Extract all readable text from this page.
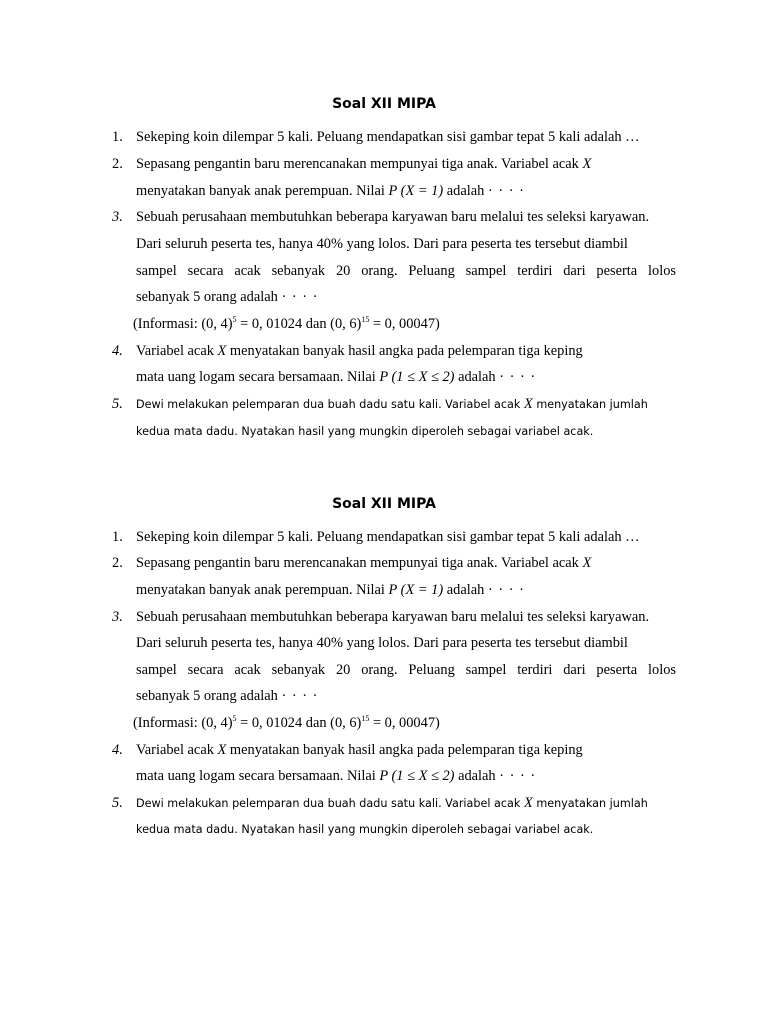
Soal XII MIPA
1. Sekeping koin dilempar 5 kali. Peluang mendapatkan sisi gambar tepat 5 kali adalah …
2. Sepasang pengantin baru merencanakan mempunyai tiga anak. Variabel acak X
menyatakan banyak anak perempuan. Nilai P (X = 1) adalah · · · ·
3. Sebuah perusahaan membutuhkan beberapa karyawan baru melalui tes seleksi karyawan.
Dari seluruh peserta tes, hanya 40% yang lolos. Dari para peserta tes tersebut diambil
sampel secara acak sebanyak 20 orang. Peluang sampel terdiri dari peserta lolos
sebanyak 5 orang adalah · · · ·
(Informasi: (0, 4)$^5$ = 0, 01024 dan (0, 6)$^{15}$ = 0, 00047)
4. Variabel acak X menyatakan banyak hasil angka pada pelemparan tiga keping
mata uang logam secara bersamaan. Nilai P (1 ≤ X ≤ 2) adalah · · · ·
5. Dewi melakukan pelemparan dua buah dadu satu kali. Variabel acak X menyatakan jumlah
kedua mata dadu. Nyatakan hasil yang mungkin diperoleh sebagai variabel acak.
Soal XII MIPA
1. Sekeping koin dilempar 5 kali. Peluang mendapatkan sisi gambar tepat 5 kali adalah …
2. Sepasang pengantin baru merencanakan mempunyai tiga anak. Variabel acak X
menyatakan banyak anak perempuan. Nilai P (X = 1) adalah · · · ·
3. Sebuah perusahaan membutuhkan beberapa karyawan baru melalui tes seleksi karyawan.
Dari seluruh peserta tes, hanya 40% yang lolos. Dari para peserta tes tersebut diambil
sampel secara acak sebanyak 20 orang. Peluang sampel terdiri dari peserta lolos
sebanyak 5 orang adalah · · · ·
(Informasi: (0, 4)$^5$ = 0, 01024 dan (0, 6)$^{15}$ = 0, 00047)
4. Variabel acak X menyatakan banyak hasil angka pada pelemparan tiga keping
mata uang logam secara bersamaan. Nilai P (1 ≤ X ≤ 2) adalah · · · ·
5. Dewi melakukan pelemparan dua buah dadu satu kali. Variabel acak X menyatakan jumlah
kedua mata dadu. Nyatakan hasil yang mungkin diperoleh sebagai variabel acak.
